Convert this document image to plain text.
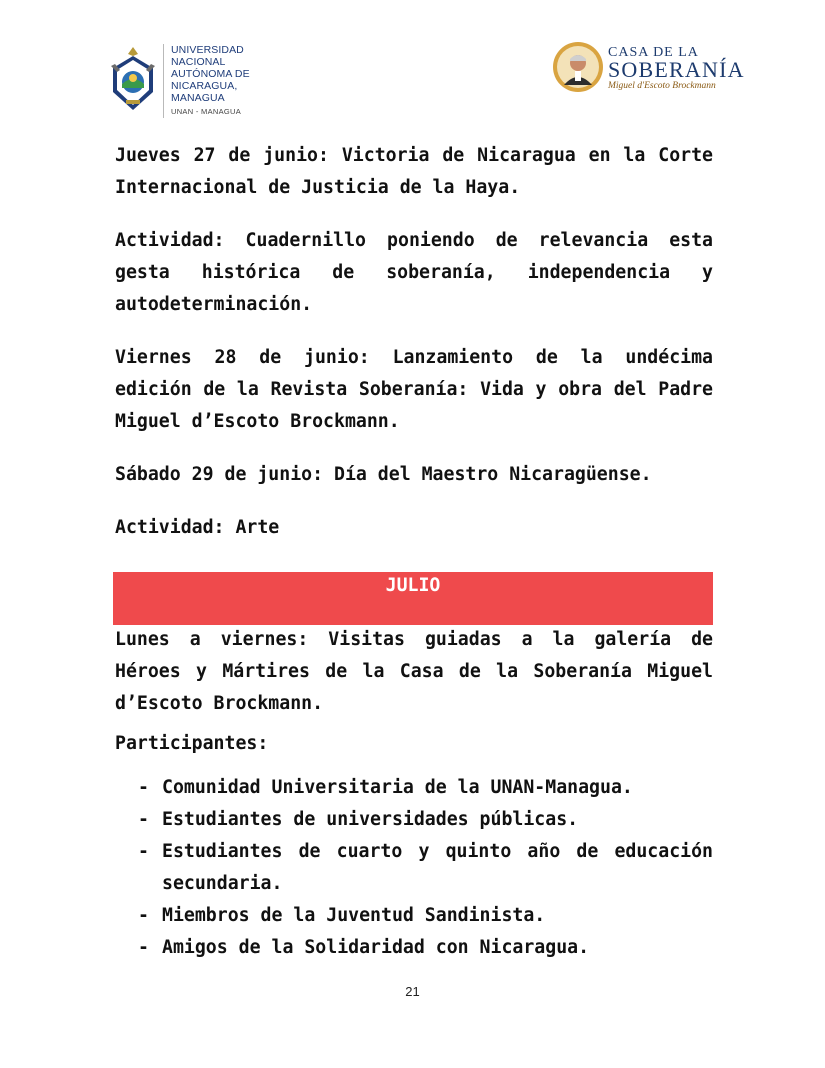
UNIVERSIDAD
NACIONAL
AUTÓNOMA DE
NICARAGUA,
MANAGUA
UNAN - MANAGUA
CASA DE LA
SOBERANÍA
Miguel d'Escoto Brockmann

Jueves 27 de junio: Victoria de Nicaragua en la Corte Internacional de Justicia de la Haya.

Actividad: Cuadernillo poniendo de relevancia esta gesta histórica de soberanía, independencia y autodeterminación.

Viernes 28 de junio: Lanzamiento de la undécima edición de la Revista Soberanía: Vida y obra del Padre Miguel d’Escoto Brockmann.

Sábado 29 de junio: Día del Maestro Nicaragüense.

Actividad: Arte

JULIO

Lunes a viernes: Visitas guiadas a la galería de Héroes y Mártires de la Casa de la Soberanía Miguel d’Escoto Brockmann.

Participantes:

- Comunidad Universitaria de la UNAN-Managua.
- Estudiantes de universidades públicas.
- Estudiantes de cuarto y quinto año de educación secundaria.
- Miembros de la Juventud Sandinista.
- Amigos de la Solidaridad con Nicaragua.
21
